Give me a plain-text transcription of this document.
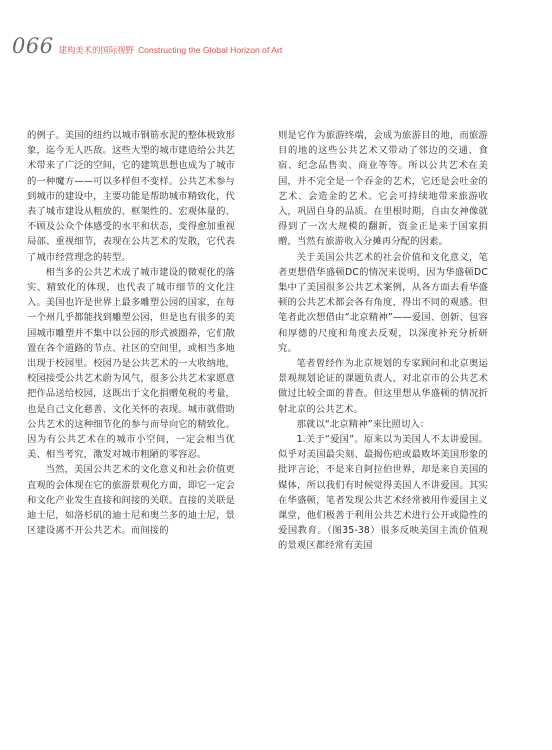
066 建构美术的国际视野 Constructing the Global Horizon of Art

的例子。美国的纽约以城市钢筋水泥的整体极致形象，迄今无人匹敌。这些大型的城市建造给公共艺术带来了广泛的空间，它的建筑思想也成为了城市的一种魔方——可以多样但不变样。公共艺术参与到城市的建设中，主要功能是帮助城市精致化，代表了城市建设从粗放的、框架性的、宏观体量的、不顾及公众个体感受的水平和状态，变得愈加重视局部、重视细节，表现在公共艺术的发散，它代表了城市经营理念的转型。

相当多的公共艺术成了城市建设的微观化的落实、精致化的体现，也代表了城市细节的文化注入。美国也许是世界上最多雕塑公园的国家，在每一个州几乎都能找到雕塑公园，但是也有很多的美国城市雕塑并不集中以公园的形式被圈养，它们散置在各个道路的节点、社区的空间里，或相当多地出现于校园里。校园乃是公共艺术的一大收纳地，校园接受公共艺术蔚为风气，很多公共艺术家愿意把作品送给校园，这既出于文化捐赠免税的考量，也是自己文化慈善、文化关怀的表现。城市就借助公共艺术的这种细节化的参与而导向它的精致化。因为有公共艺术在的城市小空间，一定会相当优美、相当考究，激发对城市粗陋的零容忍。

当然，美国公共艺术的文化意义和社会价值更直观的会体现在它的旅游景观化方面，即它一定会和文化产业发生直接和间接的关联。直接的关联是迪士尼，如洛杉矶的迪士尼和奥兰多的迪士尼，景区建设离不开公共艺术。而间接的

则是它作为旅游终端，会成为旅游目的地，而旅游目的地的这些公共艺术又带动了邻边的交通、食宿、纪念品售卖、商业等等。所以公共艺术在美国，并不完全是一个吞金的艺术，它还是会吐金的艺术、会造金的艺术。它会可持续地带来旅游收入，巩固自身的品质。在里根时期，自由女神像就得到了一次大规模的翻新，资金正是来于国家捐赠，当然有旅游收入分摊再分配的因素。

关于美国公共艺术的社会价值和文化意义，笔者更想借华盛顿DC的情况来说明，因为华盛顿DC集中了美国很多公共艺术案例，从各方面去看华盛顿的公共艺术都会各有角度，得出不同的观感。但笔者此次想借由“北京精神”——爱国、创新、包容和厚德的尺度和角度去反观，以深度补充分析研究。

笔者曾经作为北京规划的专家顾问和北京奥运景观规划论证的课题负责人，对北京市的公共艺术做过比较全面的普查。但这里想从华盛顿的情况折射北京的公共艺术。

那就以“北京精神”来比照切入：

1.关于“爱国”。原来以为美国人不太讲爱国。似乎对美国最尖刻、最揭伤疤或最败坏美国形象的批评言论，不是来自阿拉伯世界，却是来自美国的媒体，所以我们有时候觉得美国人不讲爱国。其实在华盛顿，笔者发现公共艺术经常被用作爱国主义课堂，他们极善于利用公共艺术进行公开或隐性的爱国教育。（图35-38）很多反映美国主流价值观的景观区都经常有美国
